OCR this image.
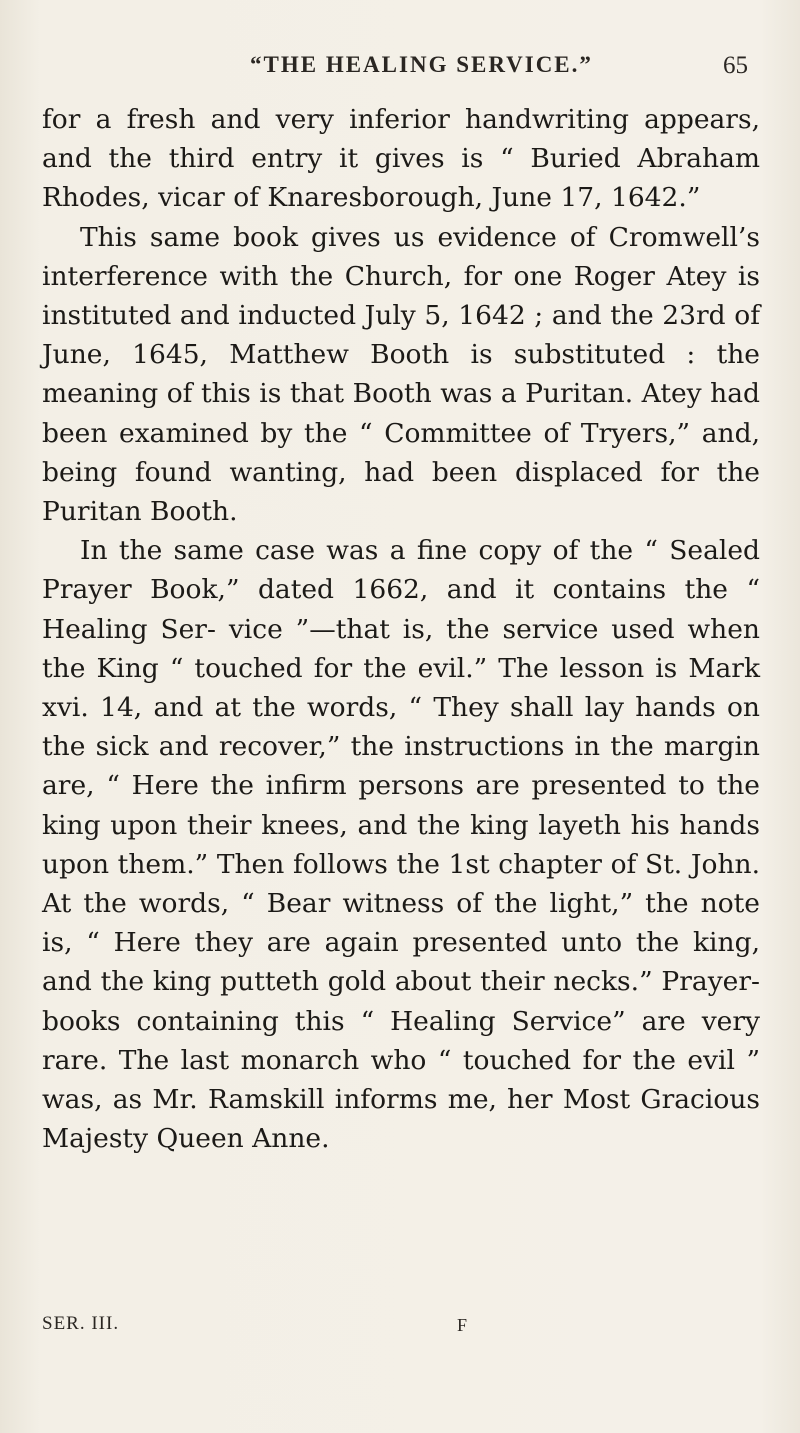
“THE HEALING SERVICE.”	65

for a fresh and very inferior handwriting appears, and the third entry it gives is “ Buried Abraham Rhodes, vicar of Knaresborough, June 17, 1642.”

This same book gives us evidence of Cromwell’s interference with the Church, for one Roger Atey is instituted and inducted July 5, 1642 ; and the 23rd of June, 1645, Matthew Booth is substituted : the meaning of this is that Booth was a Puritan. Atey had been examined by the “ Committee of Tryers,” and, being found wanting, had been displaced for the Puritan Booth.

In the same case was a fine copy of the “ Sealed Prayer Book,” dated 1662, and it contains the “ Healing Ser- vice ”—that is, the service used when the King “ touched for the evil.” The lesson is Mark xvi. 14, and at the words, “ They shall lay hands on the sick and recover,” the instructions in the margin are, “ Here the infirm persons are presented to the king upon their knees, and the king layeth his hands upon them.” Then follows the 1st chapter of St. John. At the words, “ Bear witness of the light,” the note is, “ Here they are again presented unto the king, and the king putteth gold about their necks.” Prayer-books containing this “ Healing Service” are very rare. The last monarch who “ touched for the evil ” was, as Mr. Ramskill informs me, her Most Gracious Majesty Queen Anne.

SER. III.	F
